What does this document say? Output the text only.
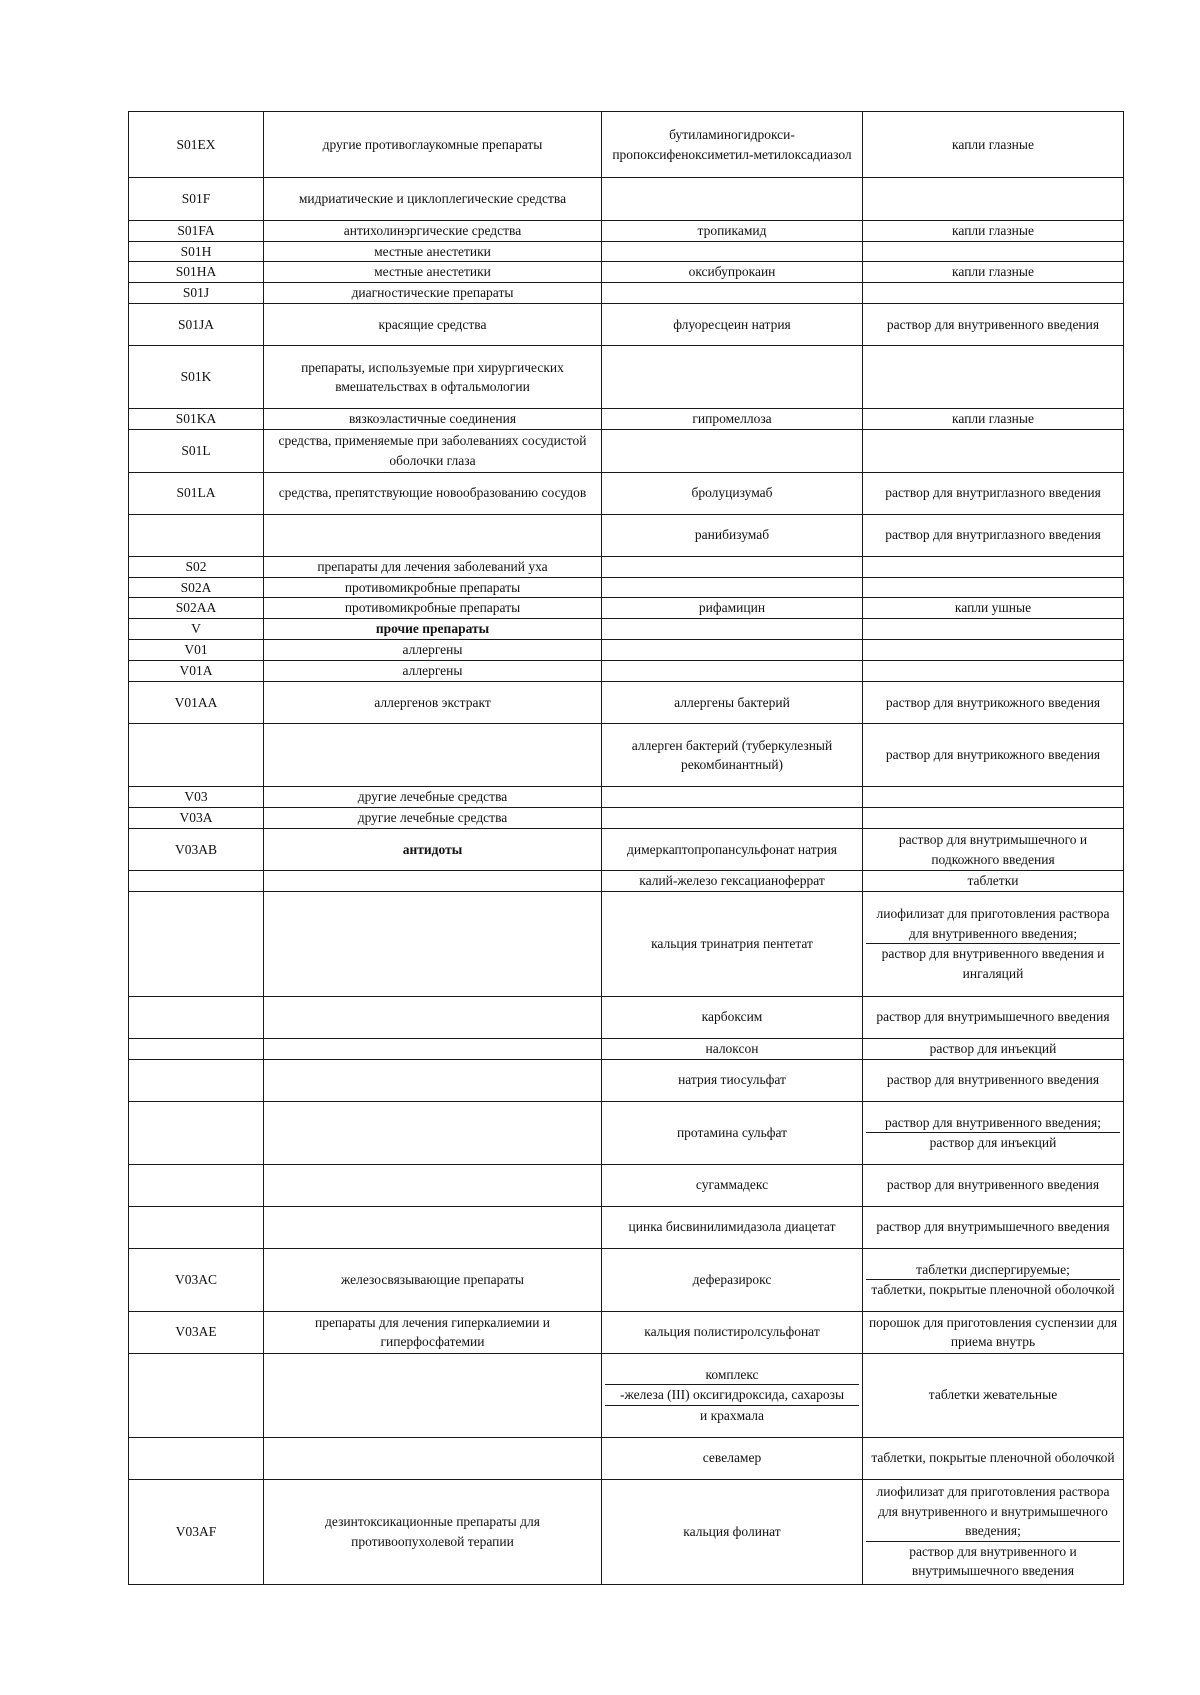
S01EX	другие противоглаукомные препараты	бутиламиногидрокси-пропоксифеноксиметил-метилоксадиазол	капли глазные
S01F	мидриатические и циклоплегические средства		
S01FA	антихолинэргические средства	тропикамид	капли глазные
S01H	местные анестетики		
S01HA	местные анестетики	оксибупрокаин	капли глазные
S01J	диагностические препараты		
S01JA	красящие средства	флуоресцеин натрия	раствор для внутривенного введения
S01K	препараты, используемые при хирургических вмешательствах в офтальмологии		
S01KA	вязкоэластичные соединения	гипромеллоза	капли глазные
S01L	средства, применяемые при заболеваниях сосудистой оболочки глаза		
S01LA	средства, препятствующие новообразованию сосудов	бролуцизумаб	раствор для внутриглазного введения
		ранибизумаб	раствор для внутриглазного введения
S02	препараты для лечения заболеваний уха		
S02A	противомикробные препараты		
S02AA	противомикробные препараты	рифамицин	капли ушные
V	прочие препараты		
V01	аллергены		
V01A	аллергены		
V01AA	аллергенов экстракт	аллергены бактерий	раствор для внутрикожного введения
		аллерген бактерий (туберкулезный рекомбинантный)	раствор для внутрикожного введения
V03	другие лечебные средства		
V03A	другие лечебные средства		
V03AB	антидоты	димеркаптопропансульфонат натрия	раствор для внутримышечного и подкожного введения
		калий-железо гексацианоферрат	таблетки
		кальция тринатрия пентетат	лиофилизат для приготовления раствора для внутривенного введения;
раствор для внутривенного введения и ингаляций

		карбоксим	раствор для внутримышечного введения
		налоксон	раствор для инъекций
		натрия тиосульфат	раствор для внутривенного введения
		протамина сульфат	раствор для внутривенного введения;
раствор для инъекций

		сугаммадекс	раствор для внутривенного введения
		цинка бисвинилимидазола диацетат	раствор для внутримышечного введения
V03AC	железосвязывающие препараты	деферазирокс	таблетки диспергируемые;
таблетки, покрытые пленочной оболочкой

V03AE	препараты для лечения гиперкалиемии и гиперфосфатемии	кальция полистиролсульфонат	порошок для приготовления суспензии для приема внутрь

		комплекс
-железа (III) оксигидроксида, сахарозы
и крахмала	таблетки жевательные
		севеламер	таблетки, покрытые пленочной оболочкой
V03AF	дезинтоксикационные препараты для противоопухолевой терапии	кальция фолинат	лиофилизат для приготовления раствора для внутривенного и внутримышечного введения;
раствор для внутривенного и внутримышечного введения
